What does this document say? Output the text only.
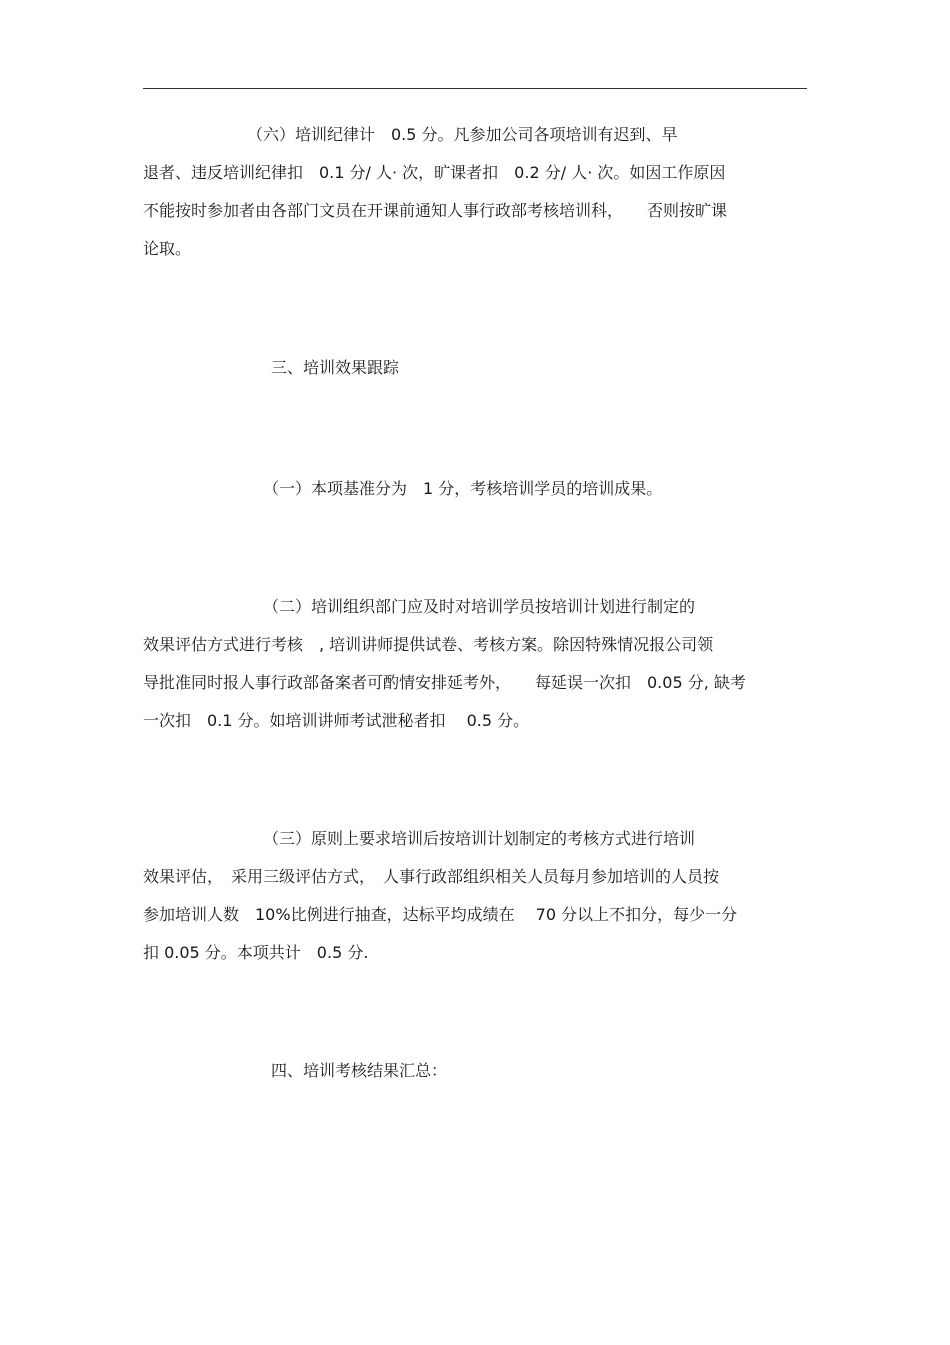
　　　　　　　（六）培训纪律计　0.5 分。凡参加公司各项培训有迟到、早
退者、违反培训纪律扣　0.1 分/ 人· 次，旷课者扣　0.2 分/ 人· 次。如因工作原因
不能按时参加者由各部门文员在开课前通知人事行政部考核培训科，　　否则按旷课
论取。
　　　　　　　　三、培训效果跟踪
　　　　　　　　（一）本项基准分为　1 分，考核培训学员的培训成果。
　　　　　　　　（二）培训组织部门应及时对培训学员按培训计划进行制定的
效果评估方式进行考核　, 培训讲师提供试卷、考核方案。除因特殊情况报公司领
导批准同时报人事行政部备案者可酌情安排延考外，　　每延误一次扣　0.05 分, 缺考
一次扣　0.1 分。如培训讲师考试泄秘者扣　 0.5 分。
　　　　　　　　（三）原则上要求培训后按培训计划制定的考核方式进行培训
效果评估，　采用三级评估方式，　人事行政部组织相关人员每月参加培训的人员按
参加培训人数　10%比例进行抽查，达标平均成绩在　 70 分以上不扣分，每少一分
扣 0.05 分。本项共计　0.5 分.
　　　　　　　　四、培训考核结果汇总：
